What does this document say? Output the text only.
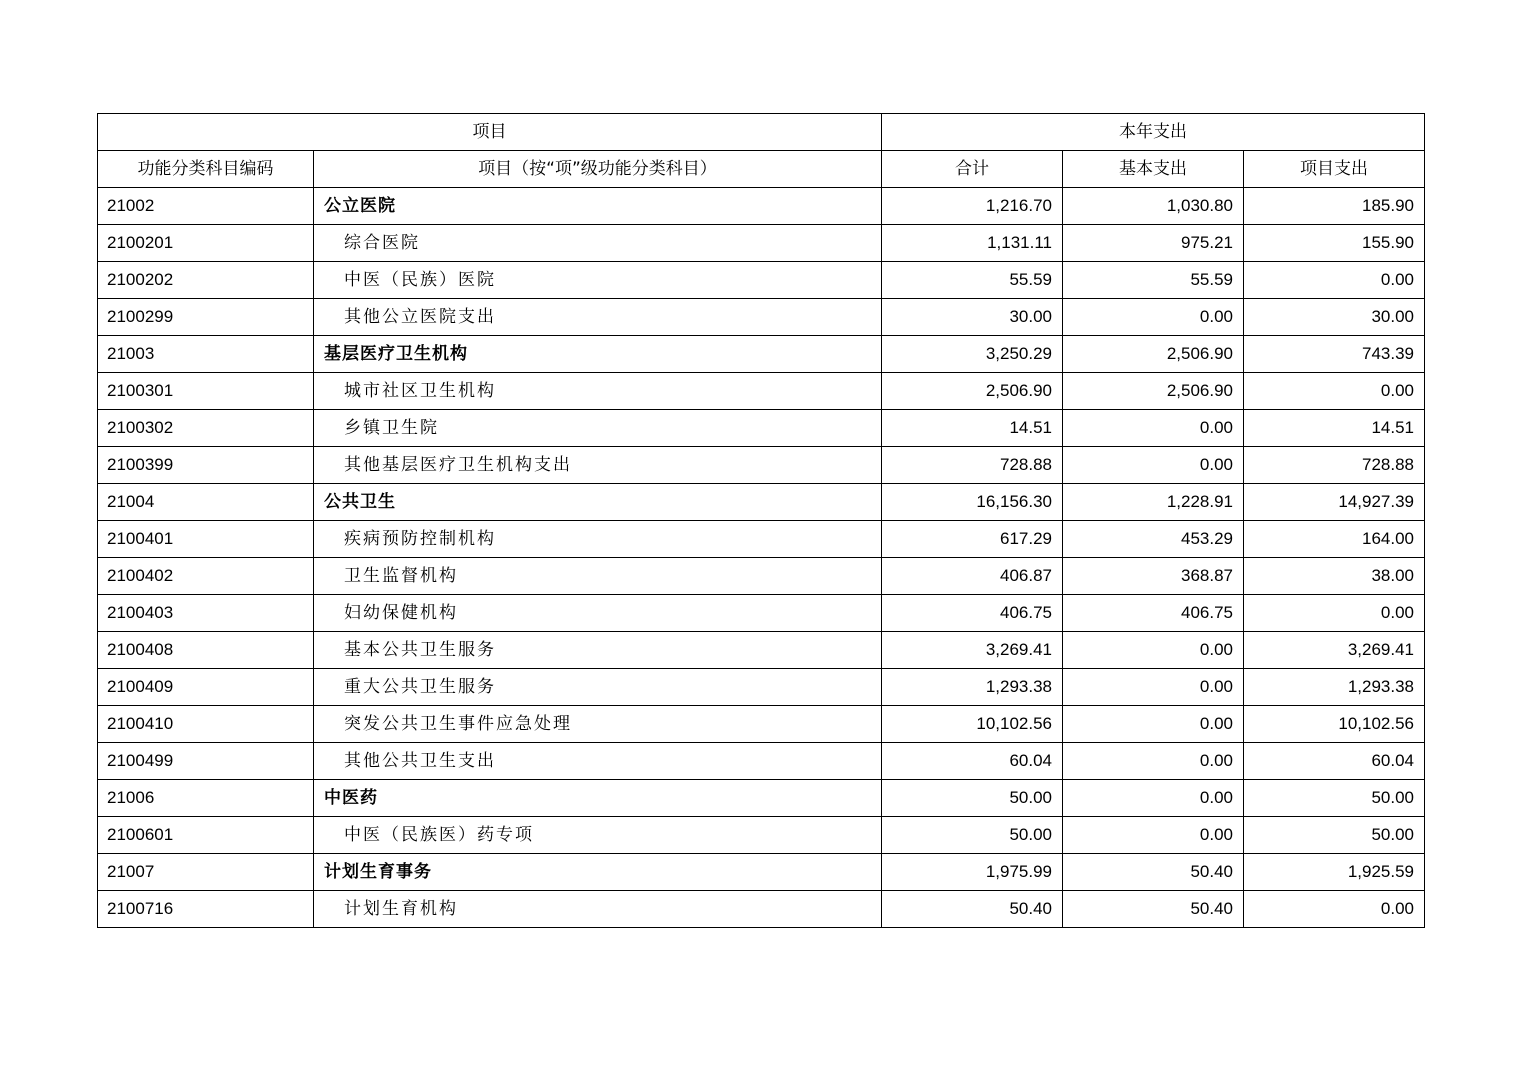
项目		本年支出		
功能分类科目编码	项目（按“项”级功能分类科目）	合计	基本支出	项目支出
21002	公立医院	1,216.70	1,030.80	185.90
2100201	综合医院	1,131.11	975.21	155.90
2100202	中医（民族）医院	55.59	55.59	0.00
2100299	其他公立医院支出	30.00	0.00	30.00
21003	基层医疗卫生机构	3,250.29	2,506.90	743.39
2100301	城市社区卫生机构	2,506.90	2,506.90	0.00
2100302	乡镇卫生院	14.51	0.00	14.51
2100399	其他基层医疗卫生机构支出	728.88	0.00	728.88
21004	公共卫生	16,156.30	1,228.91	14,927.39
2100401	疾病预防控制机构	617.29	453.29	164.00
2100402	卫生监督机构	406.87	368.87	38.00
2100403	妇幼保健机构	406.75	406.75	0.00
2100408	基本公共卫生服务	3,269.41	0.00	3,269.41
2100409	重大公共卫生服务	1,293.38	0.00	1,293.38
2100410	突发公共卫生事件应急处理	10,102.56	0.00	10,102.56
2100499	其他公共卫生支出	60.04	0.00	60.04
21006	中医药	50.00	0.00	50.00
2100601	中医（民族医）药专项	50.00	0.00	50.00
21007	计划生育事务	1,975.99	50.40	1,925.59
2100716	计划生育机构	50.40	50.40	0.00
